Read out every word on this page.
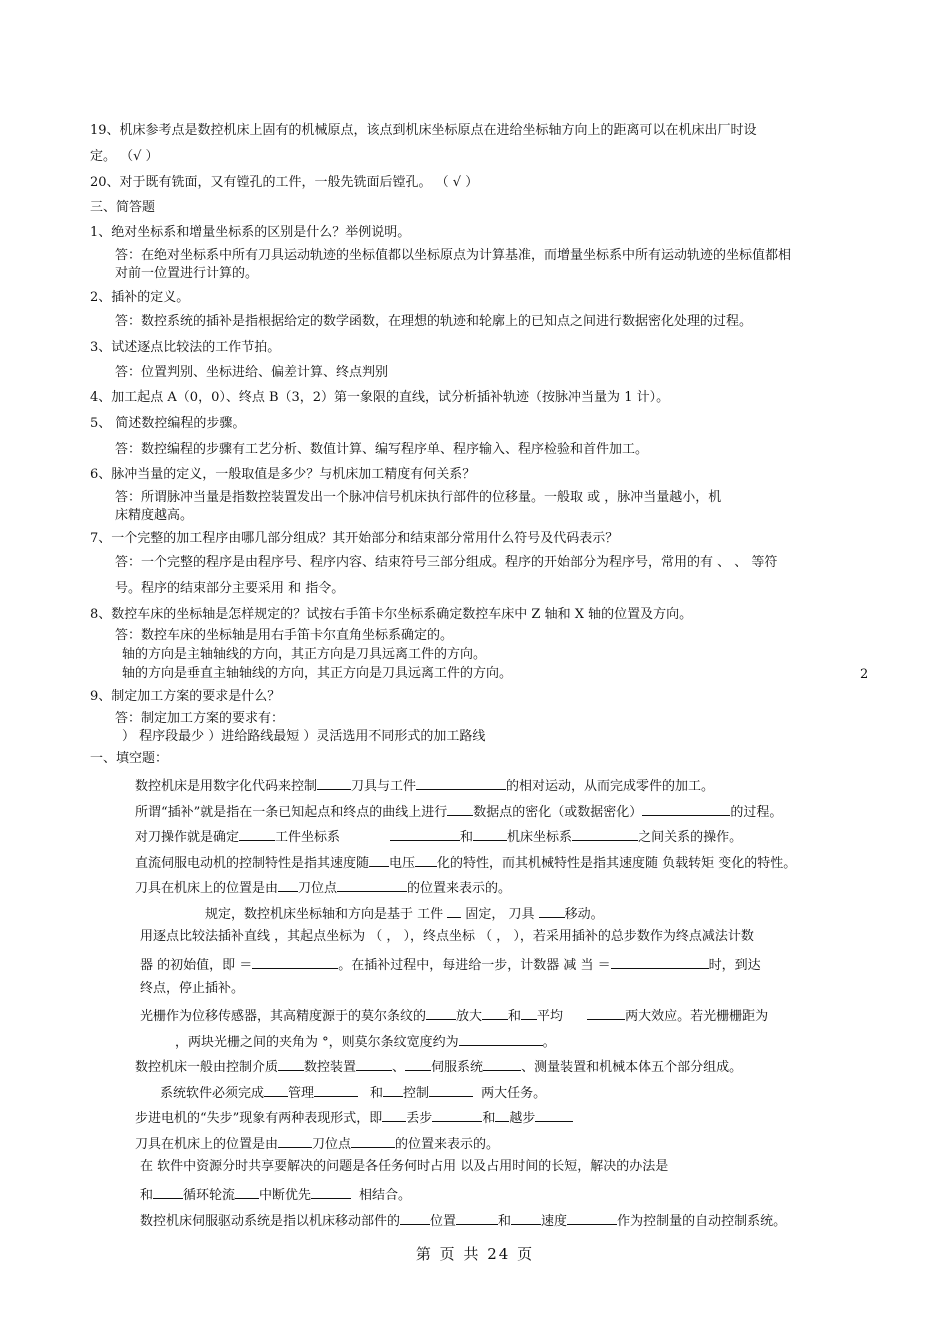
19、机床参考点是数控机床上固有的机械原点，该点到机床坐标原点在进给坐标轴方向上的距离可以在机床出厂时设
定。 （√ ）
20、对于既有铣面，又有镗孔的工件，一般先铣面后镗孔。 （ √ ）
三、简答题
1、绝对坐标系和增量坐标系的区别是什么？举例说明。
答：在绝对坐标系中所有刀具运动轨迹的坐标值都以坐标原点为计算基准，而增量坐标系中所有运动轨迹的坐标值都相
对前一位置进行计算的。
2、插补的定义。
答：数控系统的插补是指根据给定的数学函数，在理想的轨迹和轮廓上的已知点之间进行数据密化处理的过程。
3、试述逐点比较法的工作节拍。
答：位置判别、坐标进给、偏差计算、终点判别
4、加工起点 A（0，0）、终点 B（3，2）第一象限的直线，试分析插补轨迹（按脉冲当量为 1 计）。
5、 简述数控编程的步骤。
答：数控编程的步骤有工艺分析、数值计算、编写程序单、程序输入、程序检验和首件加工。
6、脉冲当量的定义，一般取值是多少？与机床加工精度有何关系？
答：所谓脉冲当量是指数控装置发出一个脉冲信号机床执行部件的位移量。一般取 或 ，脉冲当量越小，机
床精度越高。
7、一个完整的加工程序由哪几部分组成？其开始部分和结束部分常用什么符号及代码表示？
答：一个完整的程序是由程序号、程序内容、结束符号三部分组成。程序的开始部分为程序号，常用的有 、 、 等符
号。程序的结束部分主要采用 和 指令。
8、数控车床的坐标轴是怎样规定的？试按右手笛卡尔坐标系确定数控车床中 Z 轴和 X 轴的位置及方向。
答：数控车床的坐标轴是用右手笛卡尔直角坐标系确定的。
轴的方向是主轴轴线的方向，其正方向是刀具远离工件的方向。
轴的方向是垂直主轴轴线的方向，其正方向是刀具远离工件的方向。	2
9、制定加工方案的要求是什么？
答：制定加工方案的要求有：
） 程序段最少 ）进给路线最短 ）灵活选用不同形式的加工路线
一、填空题：
数控机床是用数字化代码来控制	刀具与工件	的相对运动，从而完成零件的加工。
所谓“插补”就是指在一条已知起点和终点的曲线上进行 数据点的密化（或数据密化）	的过程。
对刀操作就是确定	工件坐标系	和	机床坐标系	之间关系的操作。
直流伺服电动机的控制特性是指其速度随 电压 化的特性，而其机械特性是指其速度随 负载转矩 变化的特性。
刀具在机床上的位置是由 刀位点	的位置来表示的。
规定，数控机床坐标轴和方向是基于 工件  固定， 刀具 移动。
用逐点比较法插补直线 ，其起点坐标为 （ ， ），终点坐标 （ ， ），若采用插补的总步数作为终点减法计数
器 的初始值，即 ＝	。在插补过程中，每进给一步，计数器 减 当 ＝	时，到达
终点，停止插补。
光栅作为位移传感器，其高精度源于的莫尔条纹的 放大 和 平均	两大效应。若光栅栅距为
，两块光栅之间的夹角为 °，则莫尔条纹宽度约为	。
数控机床一般由控制介质 数控装置	、 伺服系统	、测量装置和机械本体五个部分组成。
系统软件必须完成 管理	和 控制	两大任务。
步进电机的“失步”现象有两种表现形式，即 丢步	和 越步
刀具在机床上的位置是由	刀位点	的位置来表示的。
在 软件中资源分时共享要解决的问题是各任务何时占用 以及占用时间的长短，解决的办法是
和 循环轮流 中断优先	相结合。
数控机床伺服驱动系统是指以机床移动部件的 位置	和 速度	作为控制量的自动控制系统。
第 页 共 24 页
